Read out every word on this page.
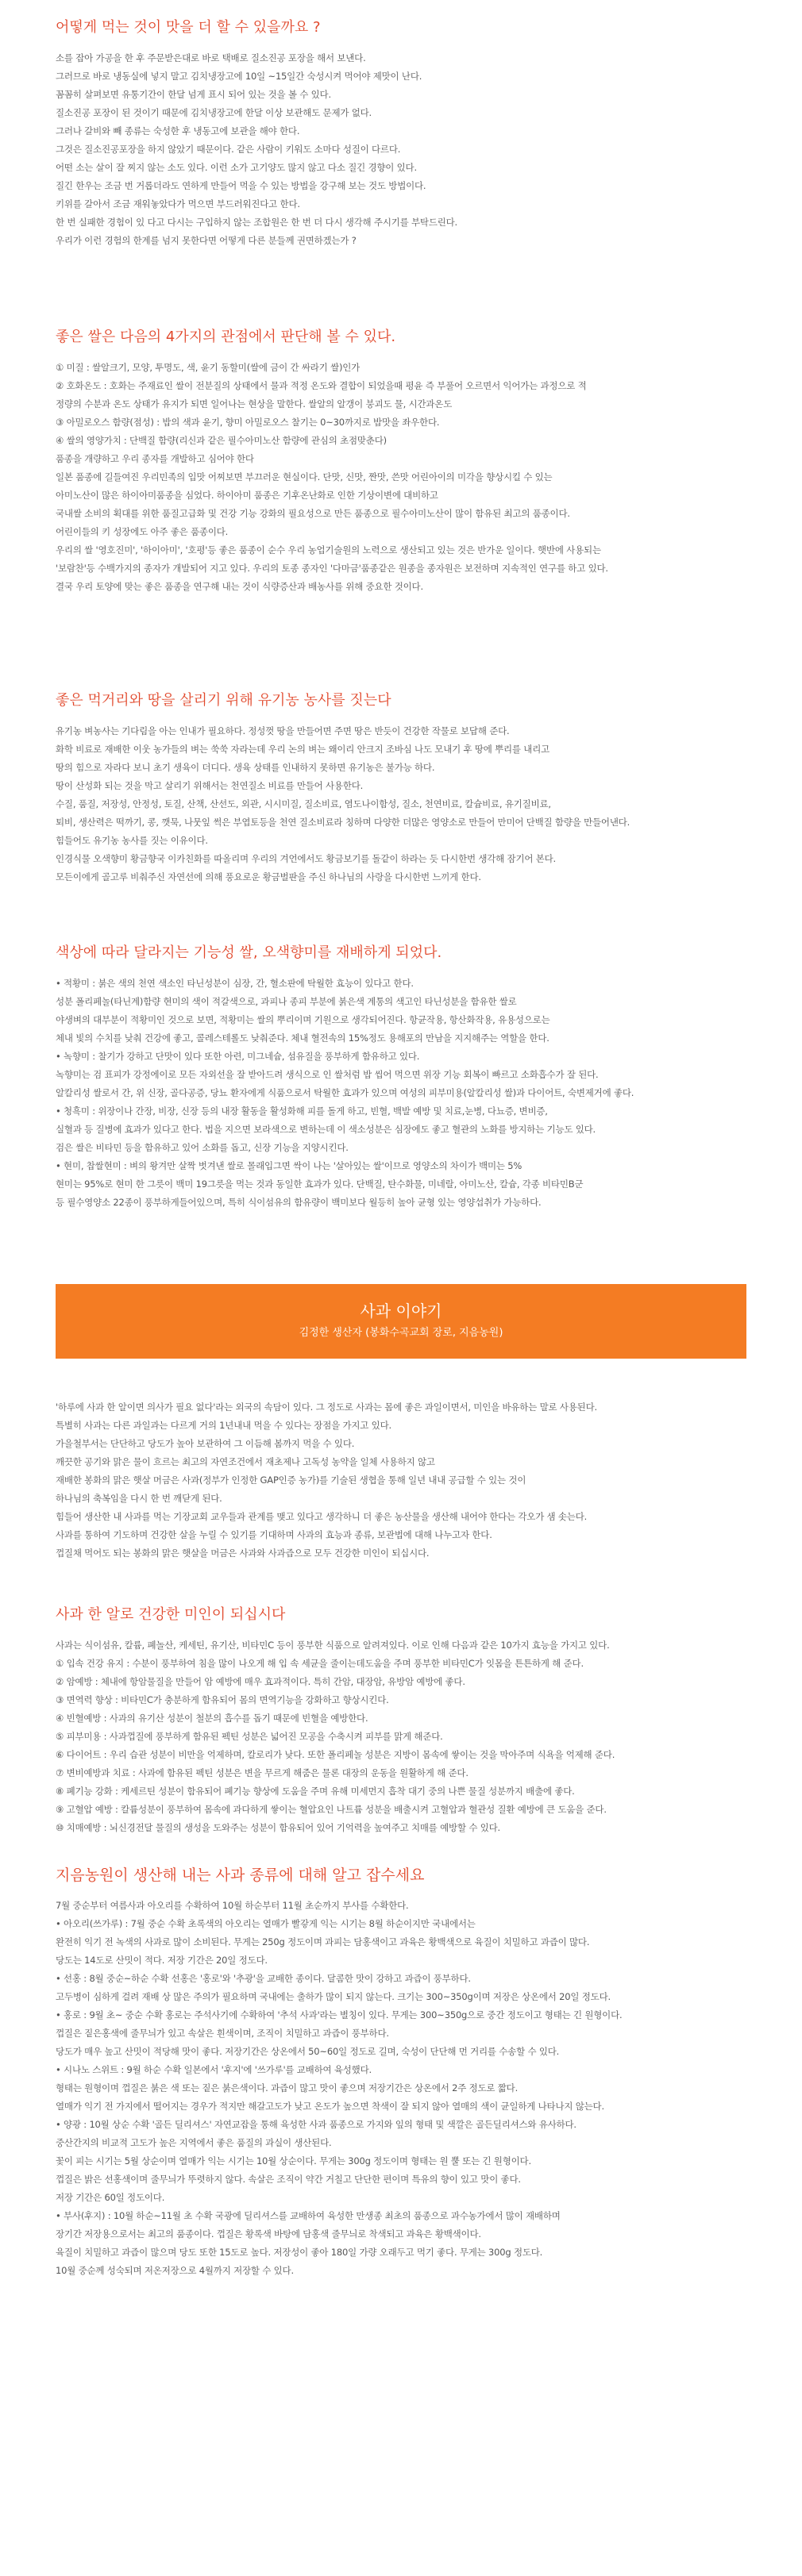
어떻게 먹는 것이 맛을 더 할 수 있을까요 ?

소를 잡아 가공을 한 후 주문받은대로 바로 택배로 질소진공 포장을 해서 보낸다.

그러므로 바로 냉동실에 넣지 말고 김치냉장고에 10일 ~15일간 숙성시켜 먹어야 제맛이 난다.

꼼꼼히 살펴보면 유통기간이 한달 넘게 표시 되어 있는 것을 볼 수 있다.

질소진공 포장이 된 것이기 때문에 김치냉장고에 한달 이상 보관해도 문제가 없다.

그러나 갈비와 빼 종류는 숙성한 후 냉동고에 보관을 해야 한다.

그것은 질소진공포장을 하지 않았기 때문이다. 같은 사람이 키워도 소마다 성질이 다르다.

어떤 소는 살이 잘 찌지 않는 소도 있다. 이런 소가 고기양도 많지 않고 다소 질긴 경향이 있다.

질긴 한우는 조금 번 거롭더라도 연하게 만들어 먹을 수 있는 방법을 강구해 보는 것도 방법이다.

키위를 갈아서 조금 재워놓았다가 먹으면 부드러워진다고 한다.

한 번 실패한 경험이 있 다고 다시는 구입하지 않는 조합원은 한 번 더 다시 생각해 주시기를 부탁드린다.

우리가 이런 경험의 한계를 넘지 못한다면 어떻게 다른 분들께 권면하겠는가 ?

좋은 쌀은 다음의 4가지의 관점에서 판단해 볼 수 있다.

① 미질 : 쌀알크기, 모양, 투명도, 색, 윤기 동할미(쌀에 금이 간 싸라기 쌀)인가

② 호화온도 : 호화는 주재료인 쌀이 전분질의 상태에서 물과 적정 온도와 결합이 되었을때 평윤 즉 부풀어 오르면서 익어가는 과정으로 적

정량의 수분과 온도 상태가 유지가 되면 일어나는 현상을 말한다. 쌀알의 알갱이 붕괴도 물, 시간과온도

③ 아밀로오스 함량(점성) : 밥의 색과 윤기, 향미 아밀로오스 찰기는 0~30까지로 밥맛을 좌우한다.

④ 쌀의 영양가치 : 단백질 함량(리신과 같은 필수아미노산 함량에 관심의 초점맞춘다)

품종을 개량하고 우리 종자를 개발하고 심어야 한다

일본 품종에 길들여진 우리민족의 입맛 어찌보면 부끄러운 현실이다. 단맛, 신맛, 짠맛, 쓴맛 어린아이의 미각을 향상시킬 수 있는

아미노산이 많은 하이아미품종을 심었다. 하이아미 품종은 기후온난화로 인한 기상이변에 대비하고

국내쌀 소비의 획대를 위한 품질고급화 및 건강 기능 강화의 필요성으로 만든 품종으로 필수아미노산이 많이 함유된 최고의 품종이다.

어린이들의 키 성장에도 아주 좋은 품종이다.

우리의 쌀 '영호진미', '하이아미', '호평'등 좋은 품종이 순수 우리 농업기술원의 노력으로 생산되고 있는 것은 반가운 일이다. 햇반에 사용되는

'보람찬'등 수백가지의 종자가 개발되어 지고 있다. 우리의 토종 종자인 '다마금'품종같은 원종을 종자원은 보전하며 지속적인 연구를 하고 있다.

결국 우리 토양에 맞는 좋은 품종을 연구해 내는 것이 식량증산과 배농사를 위해 중요한 것이다.

좋은 먹거리와 땅을 살리기 위해 유기농 농사를 짓는다

유기농 벼농사는 기다림을 아는 인내가 필요하다. 정성껏 땅을 만들어면 주면 땅은 반듯이 건강한 작물로 보답해 준다.

화학 비료로 재배한 이웃 농가들의 벼는 쑥쑥 자라는데 우리 논의 벼는 왜이리 안크지 조바심 나도 모내기 후 땅에 뿌리를 내리고

땅의 힘으로 자라다 보니 초기 생육이 더디다. 생육 상태를 인내하지 못하면 유기농은 불가능 하다.

땅이 산성화 되는 것을 막고 살리기 위해서는 천연질소 비료를 만들어 사용한다.

수질, 품질, 저장성, 안정성, 토질, 산책, 산선도, 외관, 시시미질, 질소비료, 염도나이함성, 질소, 천연비료, 칼슘비료, 유기질비료,

퇴비, 생산력은 떡까기, 콩, 깻묵, 나뭇잎 썩은 부엽토등을 천연 질소비료라 칭하며 다양한 더많은 영양소로 만들어 만미어 단백질 함량을 만들어낸다.

힘들어도 유기농 농사를 짓는 이유이다.

인경식물 오색향미 황금향국 이카친화를 따올리며 우리의 겨언에서도 황금보기를 돌같이 하라는 듯 다시한번 생각해 잠기어 본다.

모든이에게 골고루 비춰주신 자연선에 의해 풍요로운 황금벌판을 주신 하나님의 사랑을 다시한번 느끼게 한다.

색상에 따라 달라지는 기능성 쌀, 오색향미를 재배하게 되었다.

• 적황미 : 붉은 색의 천연 색소인 타닌성분이 심장, 간, 혈소판에 탁월한 효능이 있다고 한다.

성분 폴리페놀(타닌계)함량 현미의 색이 적갈색으로, 과피나 종피 부분에 붉은색 계통의 색고인 타닌성분을 함유한 쌀로

야생벼의 대부분이 적황미인 것으로 보면, 적황미는 쌀의 뿌리이며 기원으로 생각되어진다. 항균작용, 항산화작용, 유용성으로는

체내 빛의 수치를 낮춰 건강에 좋고, 콜레스테롤도 낮춰준다. 체내 혈전속의 15%정도 용해포의 만남을 지지해주는 역할을 한다.

• 녹향미 : 찰기가 강하고 단맛이 있다 또한 아련, 미그네슘, 섬유질을 풍부하게 함유하고 있다.

녹향미는 검 표피가 강정에이로 모든 자외선을 잘 받아드려 생식으로 인 쌀처럼 밥 씹어 먹으면 위장 기능 회복이 빠르고 소화흡수가 잘 된다.

알칼리성 쌀로서 간, 위 신장, 골다공증, 당뇨 환자에게 식품으로서 탁월한 효과가 있으며 여성의 피부미용(알칼리성 쌀)과 다이어트, 숙변제거에 좋다.

• 청흑미 : 위장이나 간장, 비장, 신장 등의 내장 활동을 활성화해 피를 돌게 하고, 빈혈, 백발 예방 및 치료,눈병, 다뇨증, 변비증,

실혈과 등 질병에 효과가 있다고 한다. 법을 지으면 보라색으로 변하는데 이 색소성분은 심장에도 좋고 혈관의 노화를 방지하는 기능도 있다.

검은 쌀은 비타민 등을 함유하고 있어 소화를 돕고, 신장 기능을 지양시킨다.

• 현미, 찹쌀현미 : 벼의 왕겨만 살짝 벗겨낸 쌀로 몰래입그면 싹이 나는 '살아있는 쌀'이므로 영양소의 차이가 백미는 5%

현미는 95%로 현미 한 그릇이 백미 19그릇을 먹는 것과 동일한 효과가 있다. 단백질, 탄수화물, 미네랄, 아미노산, 칼슘, 각종 비타민B군

등 필수영양소 22종이 풍부하게들어있으며, 특히 식이섬유의 함유량이 백미보다 월등히 높아 균형 있는 영양섭취가 가능하다.

사과 이야기

김정한 생산자 (봉화수곡교회 장로, 지음농원)

'하루에 사과 한 알이면 의사가 필요 없다'라는 외국의 속담이 있다. 그 정도로 사과는 몸에 좋은 과일이면서, 미인을 바유하는 말로 사용된다.

특별히 사과는 다른 과일과는 다르게 거의 1년내내 먹을 수 있다는 장점을 가지고 있다.

가을철부서는 단단하고 당도가 높아 보관하여 그 이듬해 봄까지 먹을 수 있다.

깨끗한 공기와 맑은 물이 흐르는 최고의 자연조건에서 재초제나 고독성 농약을 일체 사용하지 않고

재배한 봉화의 맑은 햇살 머금은 사과(정부가 인정한 GAP인증 농가)를 기술된 생협을 통해 일년 내내 공급할 수 있는 것이

하나님의 축복임을 다시 한 번 깨닫게 된다.

힘들어 생산한 내 사과를 먹는 기장교회 교우들과 관계를 맺고 있다고 생각하니 더 좋은 농산물을 생산해 내어야 한다는 각오가 샘 솟는다.

사과를 통하여 기도하며 건강한 살을 누릴 수 있기를 기대하며 사과의 효능과 종류, 보관법에 대해 나누고자 한다.

껍질채 먹어도 되는 봉화의 맑은 햇살을 머금은 사과와 사과즙으로 모두 건강한 미인이 되십시다.

사과 한 알로 건강한 미인이 되십시다

사과는 식이섬유, 칼륨, 폐놀산, 케세틴, 유기산, 비타민C 등이 풍부한 식품으로 알려져있다. 이로 인해 다음과 같은 10가지 효능을 가지고 있다.

① 입속 건강 유지 : 수분이 풍부하여 침을 많이 나오게 해 입 속 세균을 줄이는데도움을 주며 풍부한 비타민C가 잇몸을 튼튼하게 해 준다.

② 암예방 : 체내에 항암물질을 만들어 암 예방에 매우 효과적이다. 특히 간암, 대장암, 유방암 예방에 좋다.

③ 면역력 향상 : 비타민C가 충분하게 함유되어 몸의 면역기능을 강화하고 향상시킨다.

④ 빈혈예방 : 사과의 유기산 성분이 철분의 흡수를 돕기 때문에 빈혈을 예방한다.

⑤ 피부미용 : 사과껍질에 풍부하게 함유된 펙틴 성분은 넓어진 모공을 수축시켜 피부를 맑게 해준다.

⑥ 다이어트 : 우리 습관 성분이 비만을 억제하며, 칼로리가 낮다. 또한 폴리페놀 성분은 지방이 몸속에 쌓이는 것을 막아주며 식욕을 억제해 준다.

⑦ 변비예방과 치료 : 사과에 함유된 펙틴 성분은 변을 무르게 해줌은 물론 대장의 운동을 원활하게 해 준다.

⑧ 폐기능 강화 : 케세르틴 성분이 함유되어 폐기능 향상에 도움을 주며 유해 미세먼지 흡착 대기 중의 나쁜 물질 성분까지 배출에 좋다.

⑨ 고혈압 예방 : 칼륨성분이 풍부하여 몸속에 과다하게 쌓이는 혈압요인 나트륨 성분을 배출시켜 고혈압과 혈관성 질환 예방에 큰 도움을 준다.

⑩ 치매예방 : 뇌신경전달 물질의 생성을 도와주는 성분이 함유되어 있어 기억력을 높여주고 치매를 예방할 수 있다.

지음농원이 생산해 내는 사과 종류에 대해 알고 잡수세요

7월 중순부터 여름사과 아오리를 수확하여 10월 하순부터 11월 초순까지 부사를 수확한다.

• 아오리(쓰가루) : 7월 중순 수확 초록색의 아오리는 열매가 빨갛게 익는 시기는 8월 하순이지만 국내에서는

완전히 익기 전 녹색의 사과로 많이 소비된다. 무게는 250g 정도이며 과피는 담홍색이고 과육은 황백색으로 육질이 치밀하고 과즙이 많다.

당도는 14도로 산밋이 적다. 저장 기간은 20일 정도다.

• 선홍 : 8월 중순~하순 수확 선홍은 '홍로'와 '추광'을 교배한 종이다. 달콤한 맛이 강하고 과즙이 풍부하다.

고두병이 심하게 걸려 재배 상 많은 주의가 필요하며 국내에는 출하가 많이 되지 않는다. 크기는 300~350g이며 저장은 상온에서 20일 정도다.

• 홍로 : 9월 초~ 중순 수확 홍로는 주석사기에 수확하여 '추석 사과'라는 별칭이 있다. 무게는 300~350g으로 중간 정도이고 형태는 긴 원형이다.

껍질은 짙은홍색에 줄무늬가 있고 속살은 흰색이며, 조직이 치밀하고 과즙이 풍부하다.

당도가 매우 높고 산밋이 적당해 맛이 좋다. 저장기간은 상온에서 50~60일 정도로 길며, 숙성이 단단해 먼 거리를 수송할 수 있다.

• 시나노 스위트 : 9월 하순 수확 일본에서 '후지'에 '쓰가루'를 교배하여 육성했다.

형태는 원형이며 껍질은 붉은 색 또는 짙은 붉은색이다. 과즙이 많고 맛이 좋으며 저장기간은 상온에서 2주 정도로 짧다.

열매가 익기 전 가지에서 떨어지는 경우가 적지만 해갈고도가 낮고 온도가 높으면 착색이 잘 되지 않아 열매의 색이 균일하게 나타나지 않는다.

• 양광 : 10월 상순 수확 '골든 딜리셔스' 자연교잡을 통해 육성한 사과 품종으로 가지와 잎의 형태 및 색깔은 골든딜리셔스와 유사하다.

중산간지의 비교적 고도가 높은 지역에서 좋은 품질의 과실이 생산된다.

꽃이 피는 시기는 5월 상순이며 열매가 익는 시기는 10월 상순이다. 무게는 300g 정도이며 형태는 원 뿔 또는 긴 원형이다.

껍질은 밝은 선홍색이며 줄무늬가 뚜렷하지 않다. 속살은 조직이 약간 거칠고 단단한 편이며 특유의 향이 있고 맛이 좋다.

저장 기간은 60일 정도이다.

• 부사(후지) : 10월 하순~11월 초 수확 국광에 딜리셔스를 교배하여 육성한 만생종 최초의 품종으로 과수농가에서 많이 재배하며

장기간 저장용으로서는 최고의 품종이다. 껍질은 황록색 바탕에 담홍색 줄무늬로 착색되고 과육은 황백색이다.

육질이 치밀하고 과즙이 많으며 당도 또한 15도로 높다. 저장성이 좋아 180일 가량 오래두고 먹기 좋다. 무게는 300g 정도다.

10월 중순께 성숙되며 저온저장으로 4월까지 저장할 수 있다.
